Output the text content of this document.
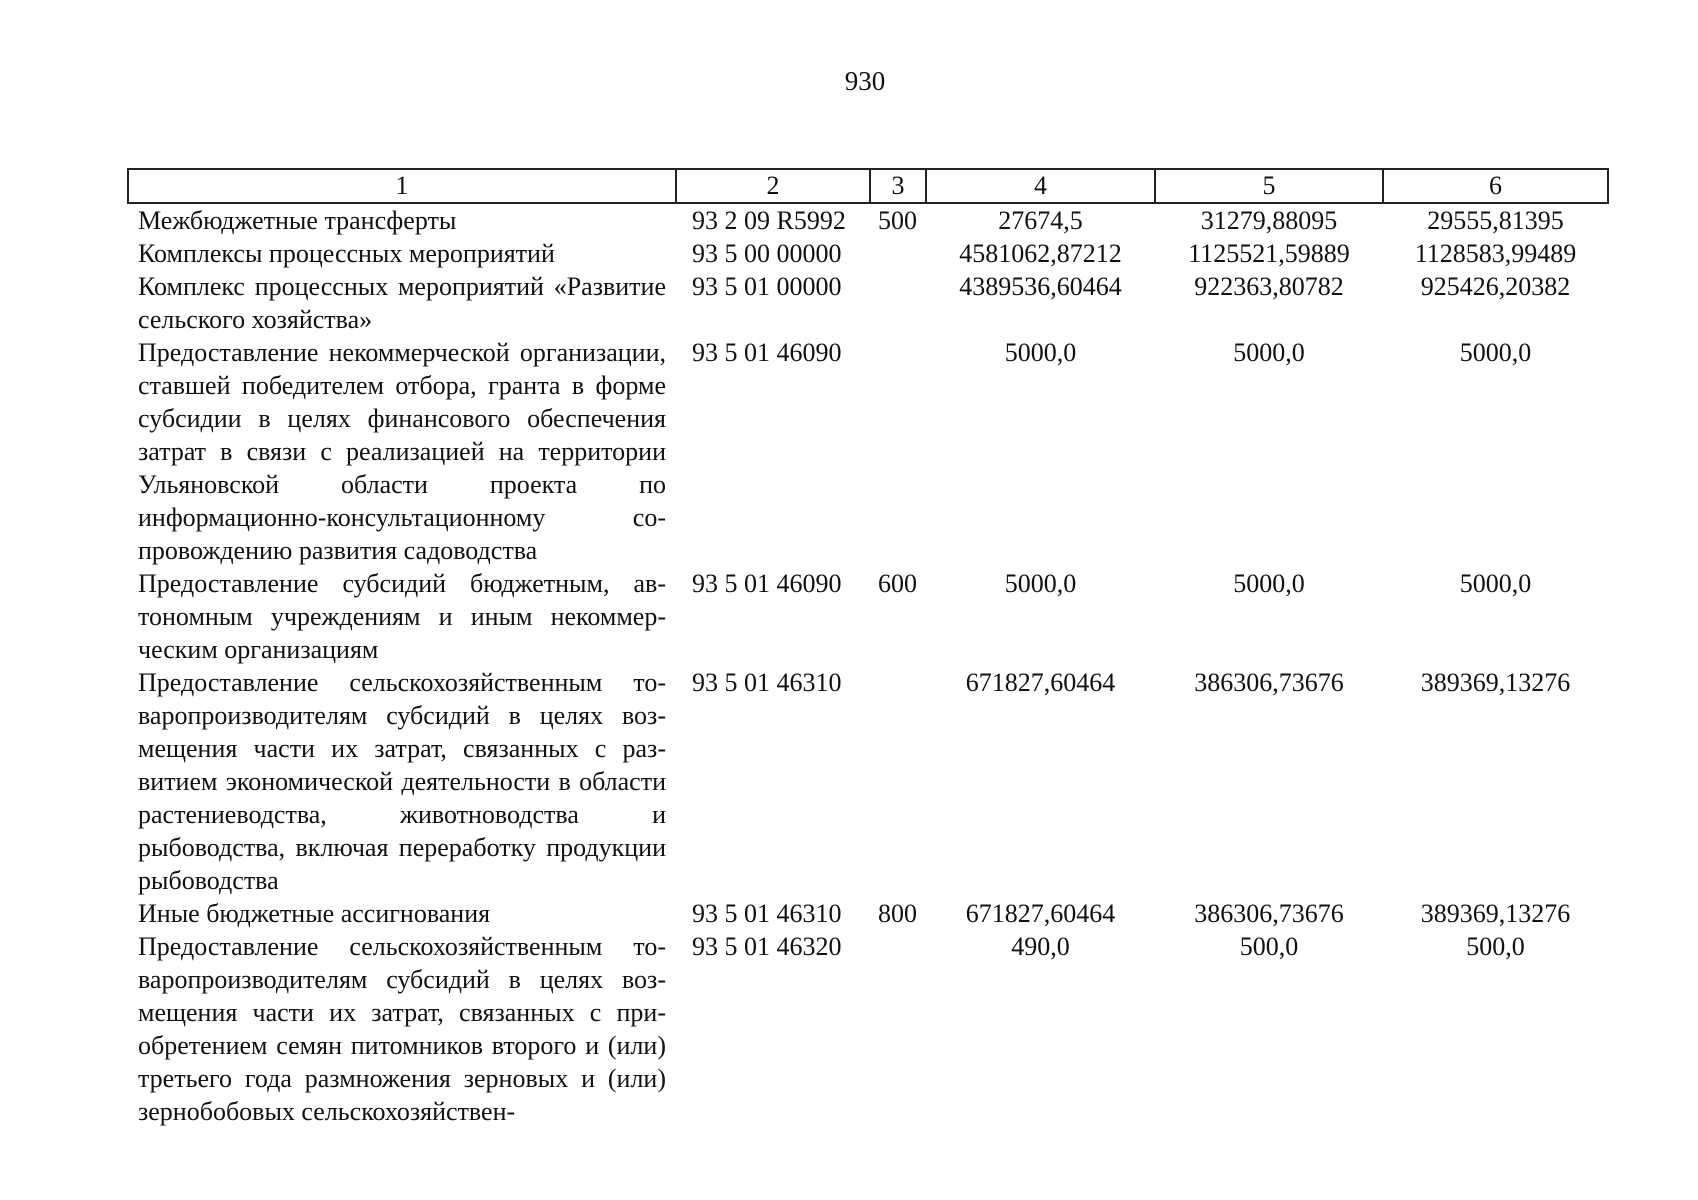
930
1	2	3	4	5	6
Межбюджетные трансферты	93 2 09 R5992	500	27674,5	31279,88095	29555,81395
Комплексы процессных мероприятий	93 5 00 00000		4581062,87212	1125521,59889	1128583,99489
Комплекс процессных мероприятий «Развитие сельского хозяйства»	93 5 01 00000		4389536,60464	922363,80782	925426,20382
Предоставление некоммерческой организации, ставшей победителем отбора, гранта в форме субсидии в целях финансового обеспечения затрат в связи с реализацией на территории Ульяновской области проекта по информационно-консультационному сопровождению развития садоводства	93 5 01 46090		5000,0	5000,0	5000,0
Предоставление субсидий бюджетным, автономным учреждениям и иным некоммерческим организациям	93 5 01 46090	600	5000,0	5000,0	5000,0
Предоставление сельскохозяйственным товаропроизводителям субсидий в целях возмещения части их затрат, связанных с развитием экономической деятельности в области растениеводства, животноводства и рыбоводства, включая переработку продукции рыбоводства	93 5 01 46310		671827,60464	386306,73676	389369,13276
Иные бюджетные ассигнования	93 5 01 46310	800	671827,60464	386306,73676	389369,13276
Предоставление сельскохозяйственным товаропроизводителям субсидий в целях возмещения части их затрат, связанных с приобретением семян питомников второго и (или) третьего года размножения зерновых и (или) зернобобовых сельскохозяйствен-	93 5 01 46320		490,0	500,0	500,0
